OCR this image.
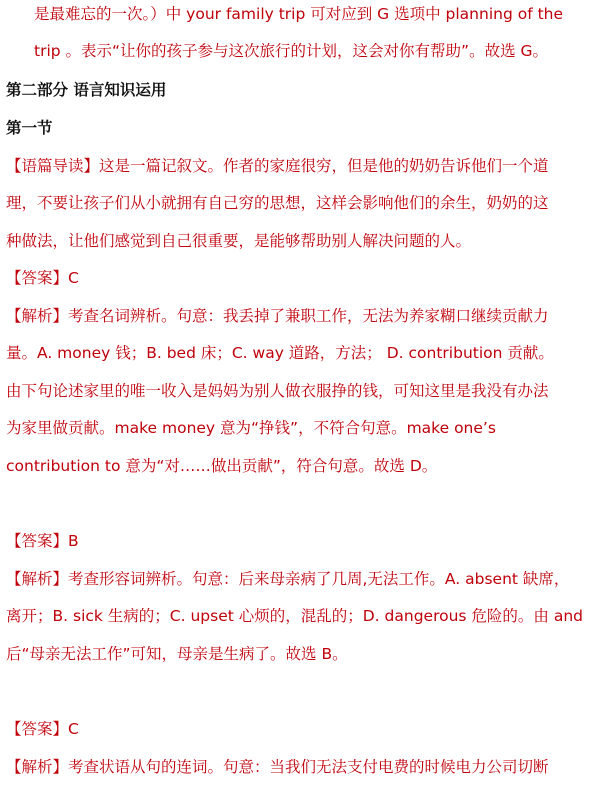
是最难忘的一次。）中 your family trip 可对应到 G 选项中 planning of the
trip 。表示“让你的孩子参与这次旅行的计划，这会对你有帮助”。故选 G。
第二部分 语言知识运用
第一节
【语篇导读】这是一篇记叙文。作者的家庭很穷，但是他的奶奶告诉他们一个道
理，不要让孩子们从小就拥有自己穷的思想，这样会影响他们的余生，奶奶的这
种做法，让他们感觉到自己很重要，是能够帮助别人解决问题的人。
【答案】C
【解析】考查名词辨析。句意：我丢掉了兼职工作，无法为养家糊口继续贡献力
量。A. money 钱；B. bed 床；C. way 道路，方法； D. contribution 贡献。
由下句论述家里的唯一收入是妈妈为别人做衣服挣的钱，可知这里是我没有办法
为家里做贡献。make money 意为“挣钱”，不符合句意。make one’s
contribution to 意为“对……做出贡献”，符合句意。故选 D。
【答案】B
【解析】考查形容词辨析。句意：后来母亲病了几周,无法工作。A. absent 缺席，
离开；B. sick 生病的；C. upset 心烦的，混乱的；D. dangerous 危险的。由 and
后“母亲无法工作”可知，母亲是生病了。故选 B。
【答案】C
【解析】考查状语从句的连词。句意：当我们无法支付电费的时候电力公司切断
